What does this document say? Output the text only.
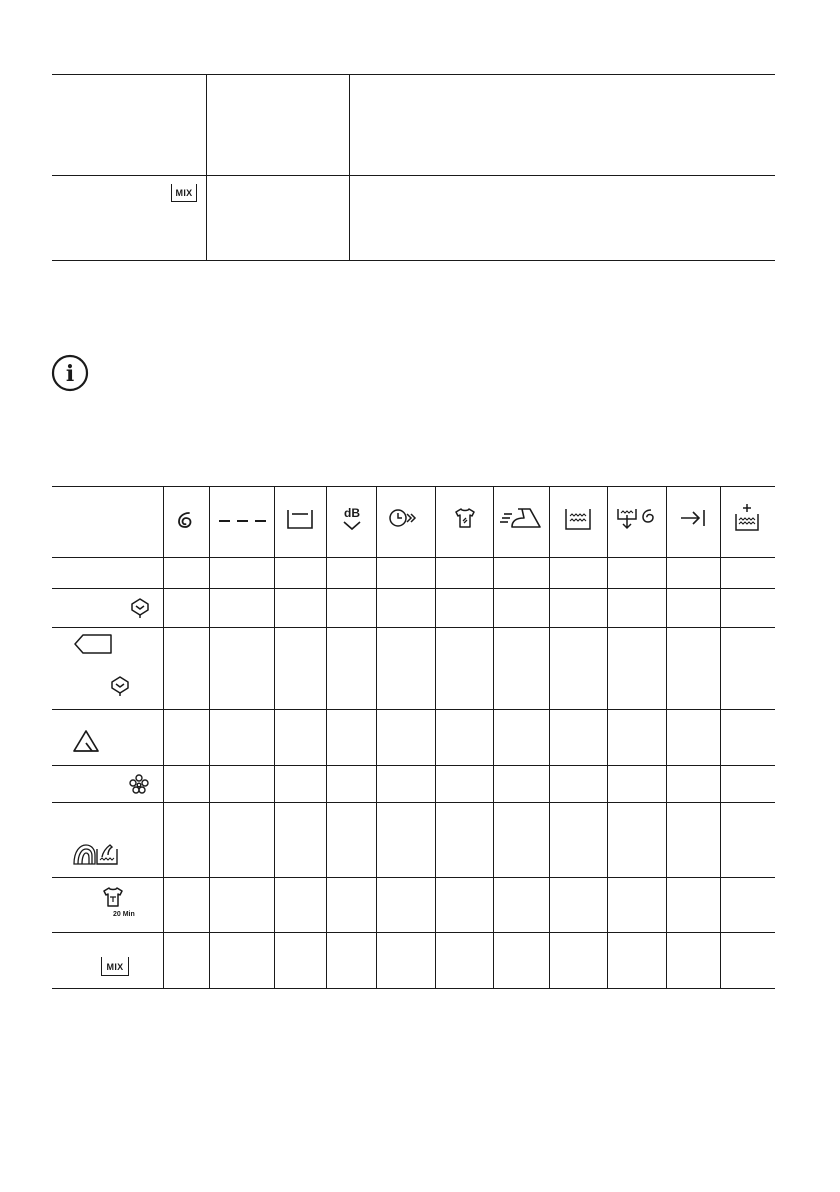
MIX
i
dB
20 Min
MIX
